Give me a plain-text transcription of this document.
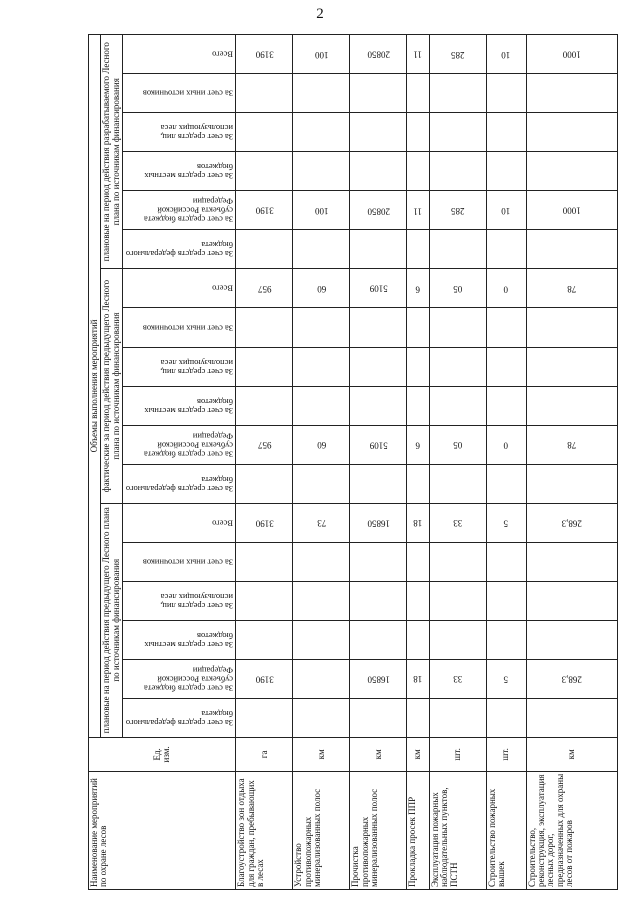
2
Наименование мероприятий по охране лесов	Ед. изм.	Объемы выполнения мероприятий																	
		плановые на период действия предыдущего Лесного плана по источникам финансирования						фактические за период действия предыдущего Лесного плана по источникам финансирования						плановые на период действия разрабатываемого Лесного плана по источникам финансирования					

		За счет средств федерального бюджета	За счет средств бюджета субъекта Российской Федерации	За счет средств местных бюджетов	За счет средств лиц, использующих леса	За счет иных источников	Всего	За счет средств федерального бюджета	За счет средств бюджета субъекта Российской Федерации	За счет средств местных бюджетов	За счет средств лиц, использующих леса	За счет иных источников	Всего	За счет средств федерального бюджета	За счет средств бюджета субъекта Российской Федерации	За счет средств местных бюджетов	За счет средств лиц, использующих леса	За счет иных источников	Всего

Благоустройство зон отдыха для граждан, пребывающих в лесах	га		3190				3190		957				957		3190				3190
Устройство противопожарных минерализованных полос	км						73		60				60		100				100
Прочистка противопожарных минерализованных полос	км		16850				16850		5109				5109		20850				20850
Прокладка просек ППР	км		18				18		6				6		11				11
Эксплуатация пожарных наблюдательных пунктов, ПСТН	шт.		33				33		05				05		285				285
Строительство пожарных вышек	шт.		5				5		0				0		10				10
Строительство, реконструкция, эксплуатация лесных дорог, предназначенных для охраны лесов от пожаров	км		268,3				268,3		78				78		1000				1000
